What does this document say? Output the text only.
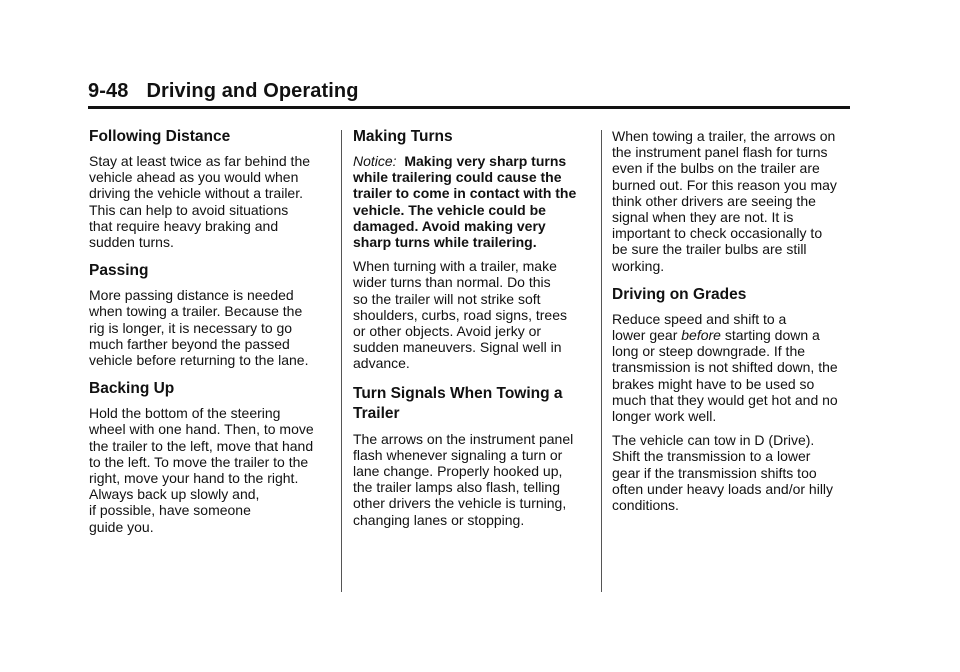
9-48 Driving and Operating
Following Distance

Stay at least twice as far behind the
vehicle ahead as you would when
driving the vehicle without a trailer.
This can help to avoid situations
that require heavy braking and
sudden turns.

Passing

More passing distance is needed
when towing a trailer. Because the
rig is longer, it is necessary to go
much farther beyond the passed
vehicle before returning to the lane.

Backing Up

Hold the bottom of the steering
wheel with one hand. Then, to move
the trailer to the left, move that hand
to the left. To move the trailer to the
right, move your hand to the right.
Always back up slowly and,
if possible, have someone
guide you.

Making Turns

Notice: Making very sharp turns
while trailering could cause the
trailer to come in contact with the
vehicle. The vehicle could be
damaged. Avoid making very
sharp turns while trailering.

When turning with a trailer, make
wider turns than normal. Do this
so the trailer will not strike soft
shoulders, curbs, road signs, trees
or other objects. Avoid jerky or
sudden maneuvers. Signal well in
advance.

Turn Signals When Towing a
Trailer

The arrows on the instrument panel
flash whenever signaling a turn or
lane change. Properly hooked up,
the trailer lamps also flash, telling
other drivers the vehicle is turning,
changing lanes or stopping.

When towing a trailer, the arrows on
the instrument panel flash for turns
even if the bulbs on the trailer are
burned out. For this reason you may
think other drivers are seeing the
signal when they are not. It is
important to check occasionally to
be sure the trailer bulbs are still
working.

Driving on Grades

Reduce speed and shift to a
lower gear before starting down a
long or steep downgrade. If the
transmission is not shifted down, the
brakes might have to be used so
much that they would get hot and no
longer work well.

The vehicle can tow in D (Drive).
Shift the transmission to a lower
gear if the transmission shifts too
often under heavy loads and/or hilly
conditions.
